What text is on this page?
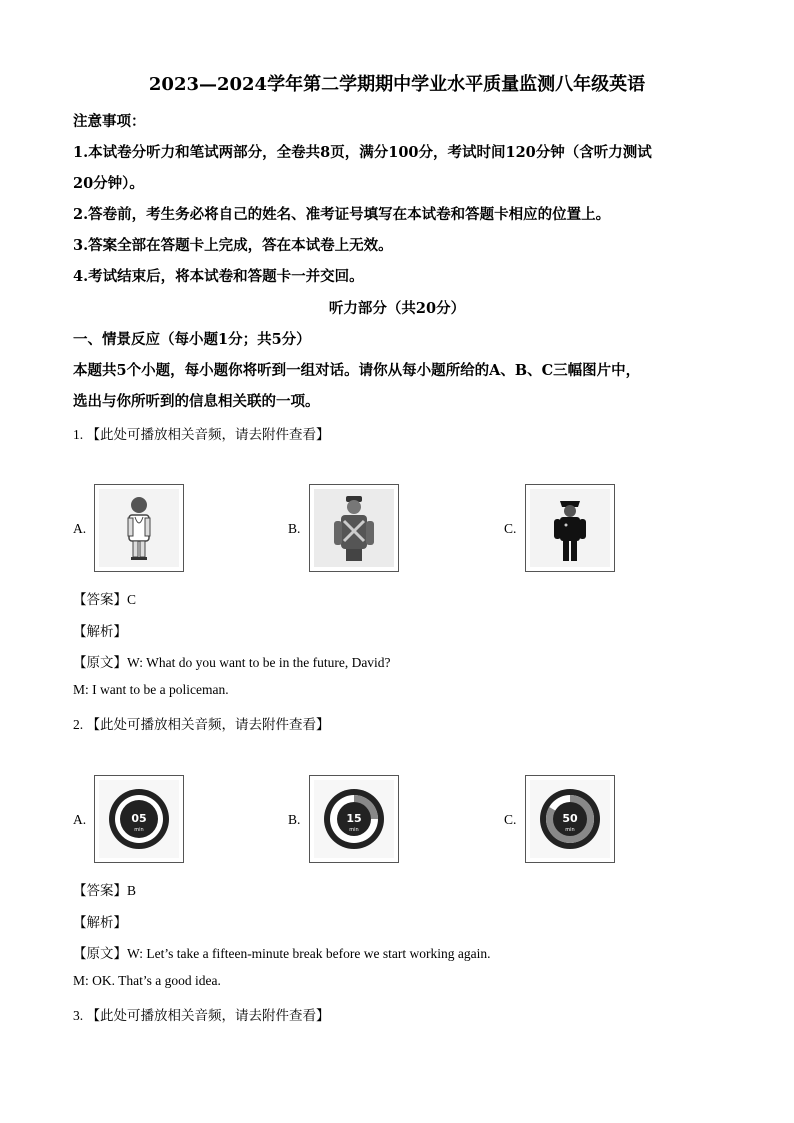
2023—2024学年第二学期期中学业水平质量监测八年级英语
注意事项：
1.本试卷分听力和笔试两部分，全卷共8页，满分100分，考试时间120分钟（含听力测试
20分钟）。
2.答卷前，考生务必将自己的姓名、准考证号填写在本试卷和答题卡相应的位置上。
3.答案全部在答题卡上完成，答在本试卷上无效。
4.考试结束后，将本试卷和答题卡一并交回。
听力部分（共20分）
一、情景反应（每小题1分；共5分）
本题共5个小题，每小题你将听到一组对话。请你从每小题所给的A、B、C三幅图片中，
选出与你所听到的信息相关联的一项。
1. 【此处可播放相关音频，请去附件查看】
A.	B.	C.
【答案】C
【解析】
【原文】W: What do you want to be in the future, David?
M: I want to be a policeman.
2. 【此处可播放相关音频，请去附件查看】
A.	05
min
B.	15
min
C.	50
min
【答案】B
【解析】
【原文】W: Let’s take a fifteen-minute break before we start working again.
M: OK. That’s a good idea.
3. 【此处可播放相关音频，请去附件查看】
